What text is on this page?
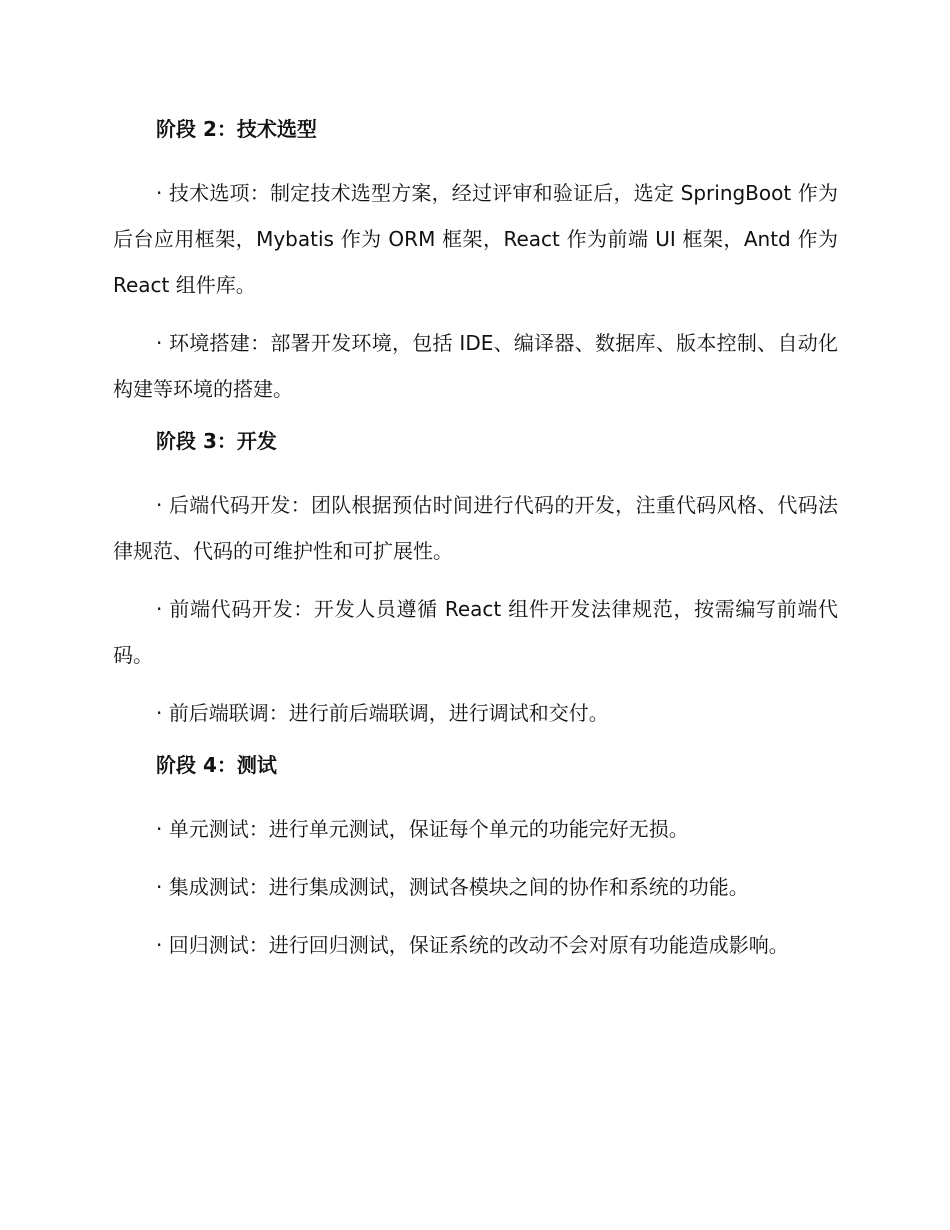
阶段 2：技术选型

· 技术选项：制定技术选型方案，经过评审和验证后，选定 SpringBoot 作为后台应用框架，Mybatis 作为 ORM 框架，React 作为前端 UI 框架，Antd 作为 React 组件库。

· 环境搭建：部署开发环境，包括 IDE、编译器、数据库、版本控制、自动化构建等环境的搭建。

阶段 3：开发

· 后端代码开发：团队根据预估时间进行代码的开发，注重代码风格、代码法律规范、代码的可维护性和可扩展性。

· 前端代码开发：开发人员遵循 React 组件开发法律规范，按需编写前端代码。

· 前后端联调：进行前后端联调，进行调试和交付。

阶段 4：测试

· 单元测试：进行单元测试，保证每个单元的功能完好无损。

· 集成测试：进行集成测试，测试各模块之间的协作和系统的功能。

· 回归测试：进行回归测试，保证系统的改动不会对原有功能造成影响。
